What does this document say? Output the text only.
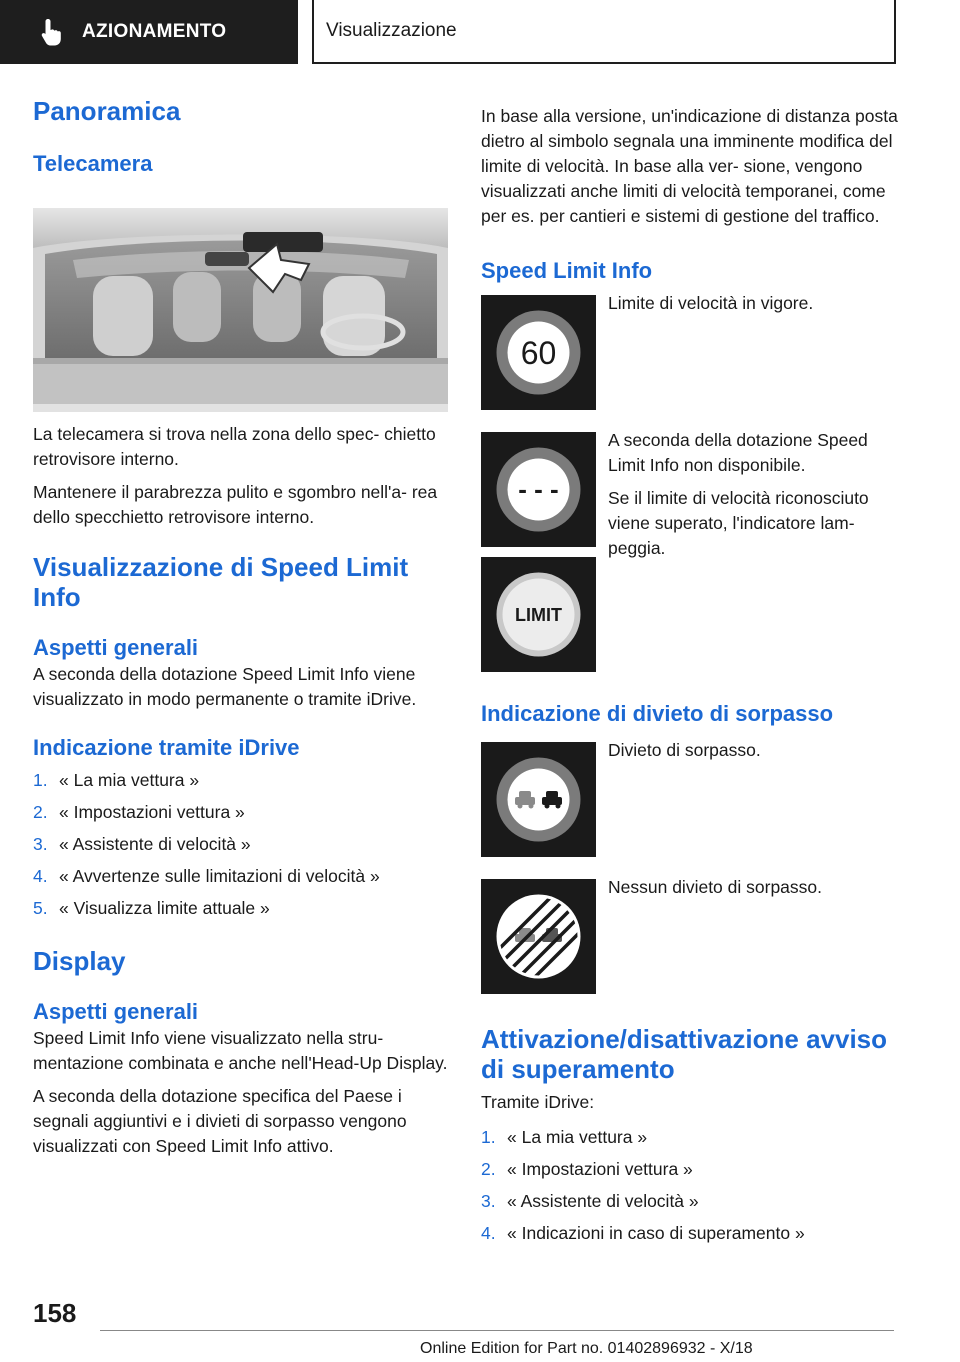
AZIONAMENTO	Visualizzazione
Panoramica
Telecamera

La telecamera si trova nella zona dello spec- chietto retrovisore interno.

Mantenere il parabrezza pulito e sgombro nell'a- rea dello specchietto retrovisore interno.

Visualizzazione di Speed Limit Info
Aspetti generali

A seconda della dotazione Speed Limit Info viene visualizzato in modo permanente o tramite iDrive.

Indicazione tramite iDrive
1. « La mia vettura »
2. « Impostazioni vettura »
3. « Assistente di velocità »
4. « Avvertenze sulle limitazioni di velocità »
5. « Visualizza limite attuale »
Display
Aspetti generali

Speed Limit Info viene visualizzato nella stru- mentazione combinata e anche nell'Head-Up Display.

A seconda della dotazione specifica del Paese i segnali aggiuntivi e i divieti di sorpasso vengono visualizzati con Speed Limit Info attivo.

In base alla versione, un'indicazione di distanza posta dietro al simbolo segnala una imminente modifica del limite di velocità. In base alla ver- sione, vengono visualizzati anche limiti di velocità temporanei, come per es. per cantieri e sistemi di gestione del traffico.

Speed Limit Info
60

Limite di velocità in vigore.

- - -
LIMIT

A seconda della dotazione Speed Limit Info non disponibile.

Se il limite di velocità riconosciuto viene superato, l'indicatore lam- peggia.

Indicazione di divieto di sorpasso

Divieto di sorpasso.

Nessun divieto di sorpasso.

Attivazione/disattivazione avviso di superamento

Tramite iDrive:

1. « La mia vettura »
2. « Impostazioni vettura »
3. « Assistente di velocità »
4. « Indicazioni in caso di superamento »
158
Online Edition for Part no. 01402896932 - X/18
